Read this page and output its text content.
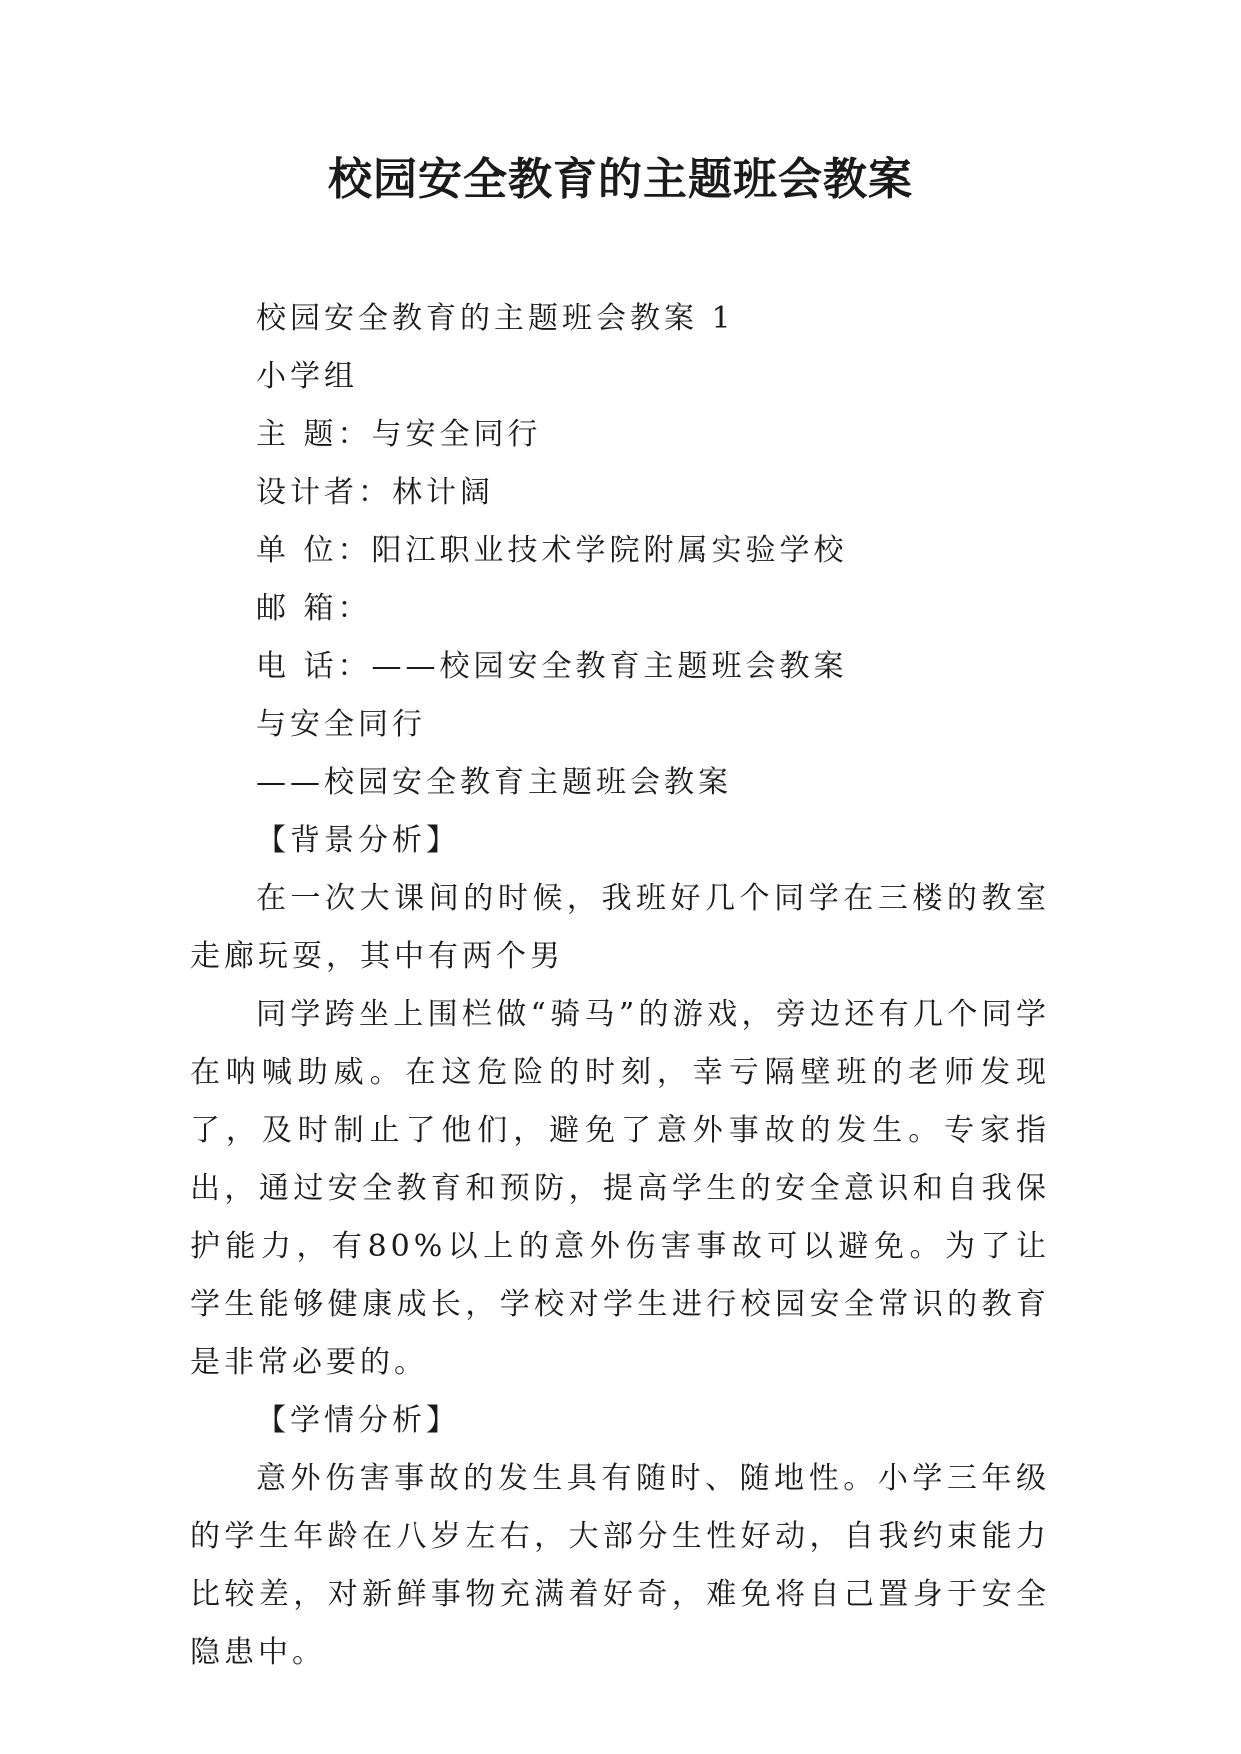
校园安全教育的主题班会教案

校园安全教育的主题班会教案 1

小学组

主 题：与安全同行

设计者：林计阔

单 位：阳江职业技术学院附属实验学校

邮 箱：

电 话：——校园安全教育主题班会教案

与安全同行

——校园安全教育主题班会教案

【背景分析】

在一次大课间的时候，我班好几个同学在三楼的教室走廊玩耍，其中有两个男

同学跨坐上围栏做“骑马”的游戏，旁边还有几个同学在呐喊助威。在这危险的时刻，幸亏隔壁班的老师发现了，及时制止了他们，避免了意外事故的发生。专家指出，通过安全教育和预防，提高学生的安全意识和自我保护能力，有80%以上的意外伤害事故可以避免。为了让学生能够健康成长，学校对学生进行校园安全常识的教育是非常必要的。

【学情分析】

意外伤害事故的发生具有随时、随地性。小学三年级的学生年龄在八岁左右，大部分生性好动，自我约束能力比较差，对新鲜事物充满着好奇，难免将自己置身于安全隐患中。
